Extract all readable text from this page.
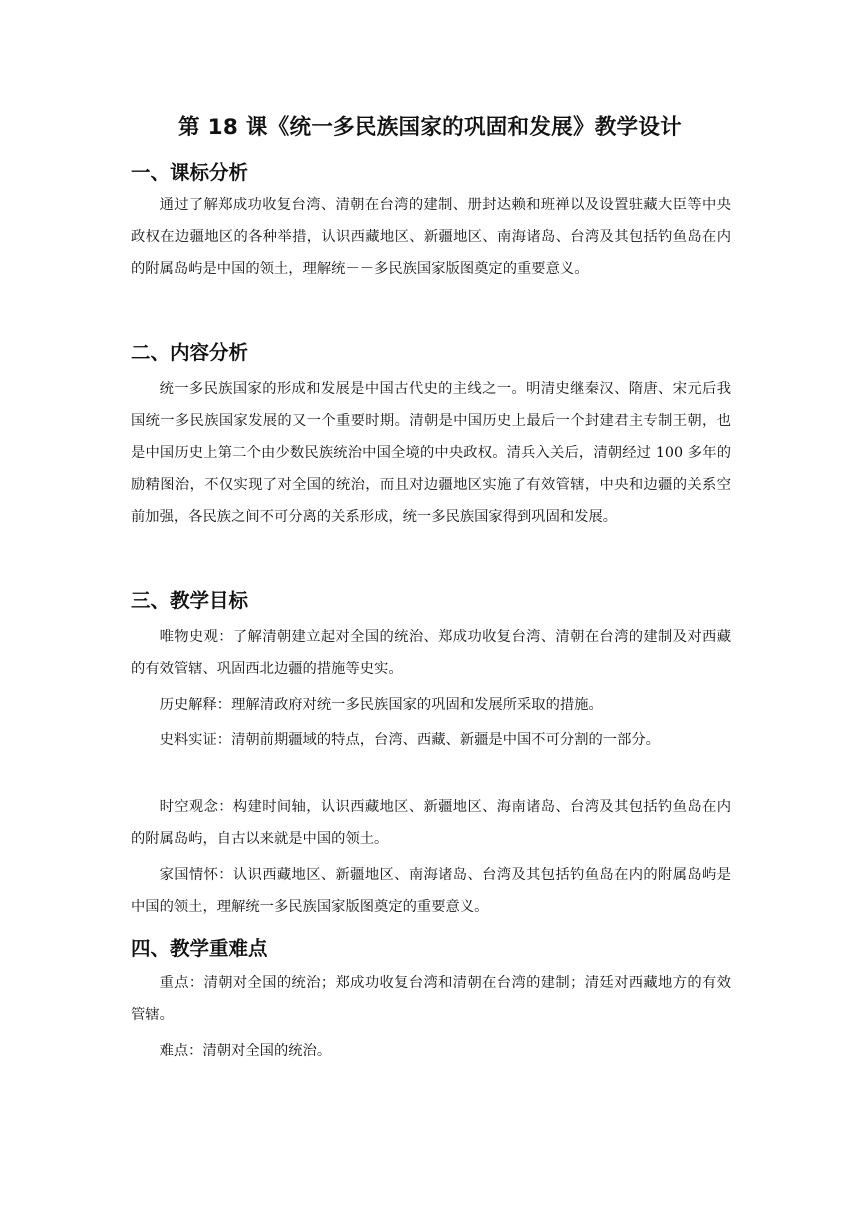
第 18 课《统一多民族国家的巩固和发展》教学设计
一、课标分析

通过了解郑成功收复台湾、清朝在台湾的建制、册封达赖和班禅以及设置驻藏大臣等中央政权在边疆地区的各种举措，认识西藏地区、新疆地区、南海诸岛、台湾及其包括钓鱼岛在内的附属岛屿是中国的领土，理解统－－多民族国家版图奠定的重要意义。

二、内容分析

统一多民族国家的形成和发展是中国古代史的主线之一。明清史继秦汉、隋唐、宋元后我国统一多民族国家发展的又一个重要时期。清朝是中国历史上最后一个封建君主专制王朝，也是中国历史上第二个由少数民族统治中国全境的中央政权。清兵入关后，清朝经过 100 多年的励精图治，不仅实现了对全国的统治，而且对边疆地区实施了有效管辖，中央和边疆的关系空前加强，各民族之间不可分离的关系形成，统一多民族国家得到巩固和发展。

三、教学目标

唯物史观：了解清朝建立起对全国的统治、郑成功收复台湾、清朝在台湾的建制及对西藏的有效管辖、巩固西北边疆的措施等史实。

历史解释：理解清政府对统一多民族国家的巩固和发展所采取的措施。

史料实证：清朝前期疆域的特点，台湾、西藏、新疆是中国不可分割的一部分。

时空观念：构建时间轴，认识西藏地区、新疆地区、海南诸岛、台湾及其包括钓鱼岛在内的附属岛屿，自古以来就是中国的领土。

家国情怀：认识西藏地区、新疆地区、南海诸岛、台湾及其包括钓鱼岛在内的附属岛屿是中国的领土，理解统一多民族国家版图奠定的重要意义。

四、教学重难点

重点：清朝对全国的统治；郑成功收复台湾和清朝在台湾的建制；清廷对西藏地方的有效管辖。

难点：清朝对全国的统治。
